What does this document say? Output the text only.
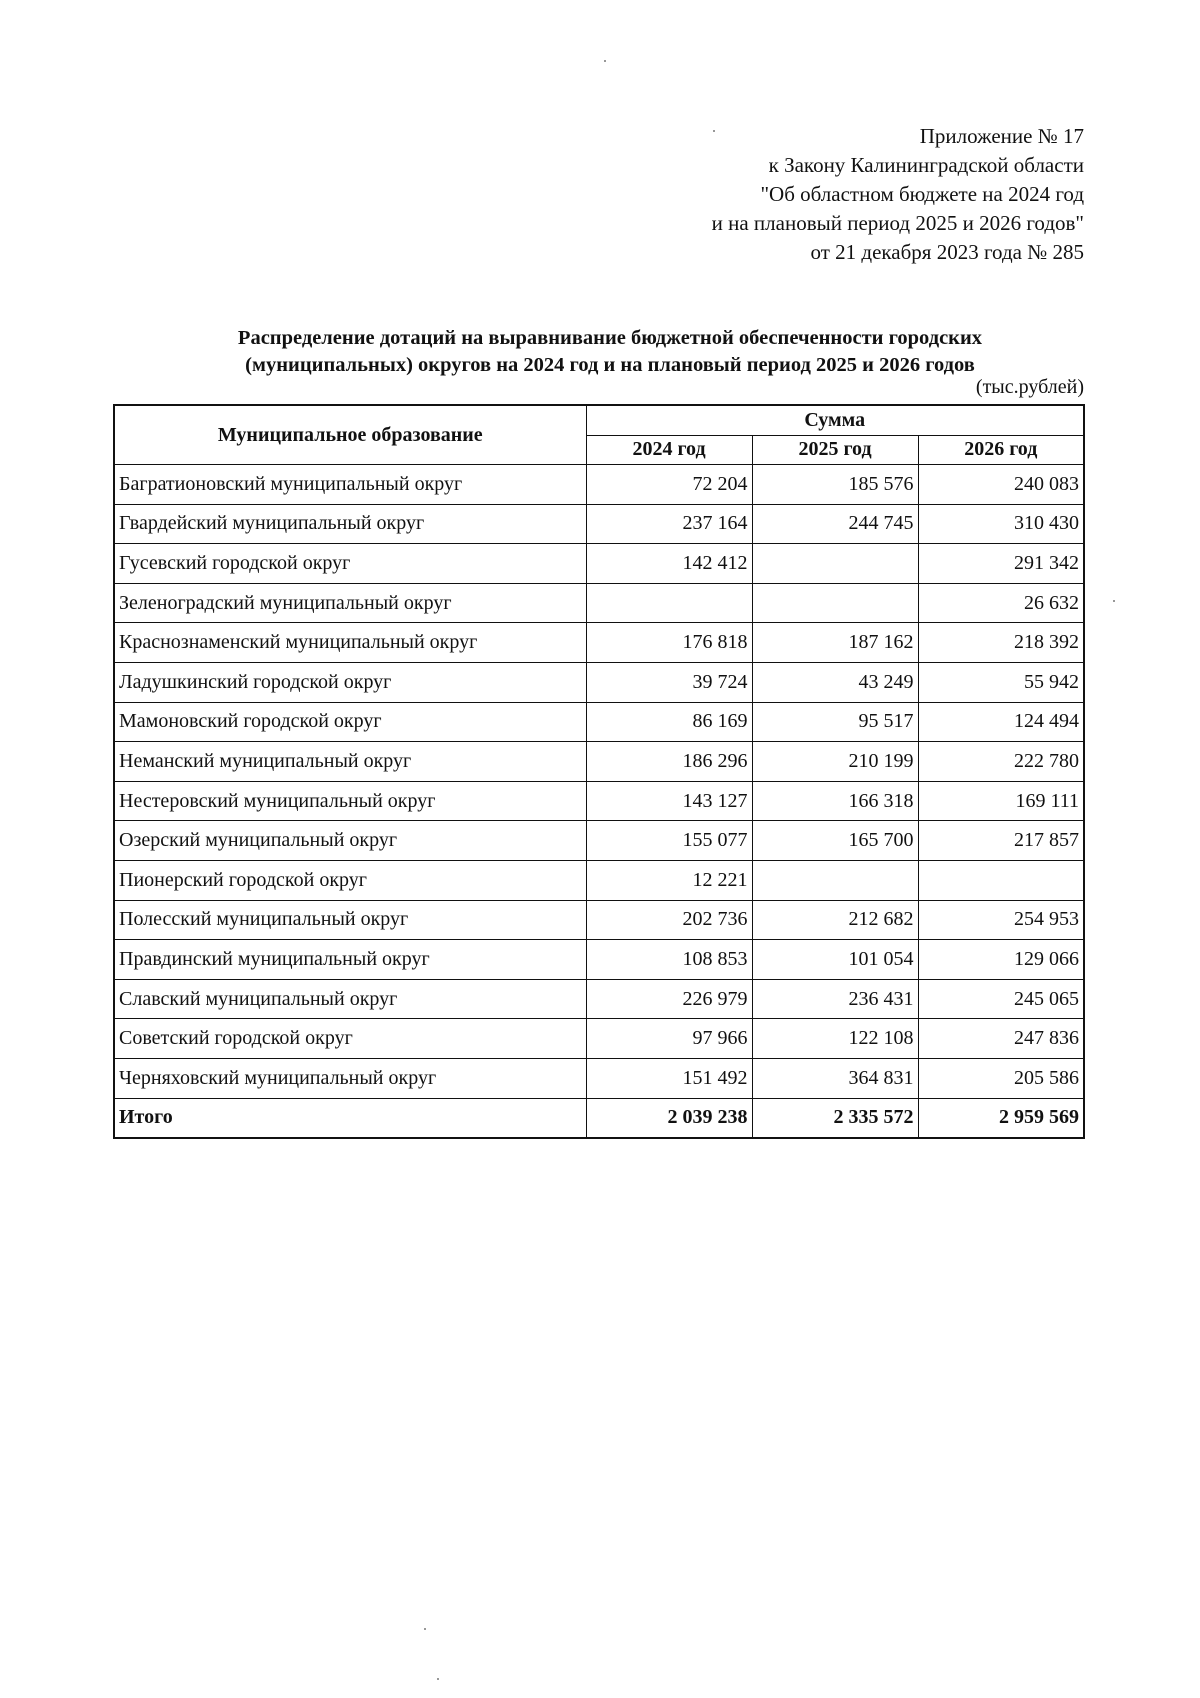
Приложение № 17
к Закону Калининградской области
"Об областном бюджете на 2024 год
и на плановый период 2025 и 2026 годов"
от 21 декабря 2023 года № 285
Распределение дотаций на выравнивание бюджетной обеспеченности городских
(муниципальных) округов на 2024 год и на плановый период 2025 и 2026 годов
(тыс.рублей)
Муниципальное образование	Сумма		
	2024 год	2025 год	2026 год
Багратионовский муниципальный округ	72 204	185 576	240 083
Гвардейский муниципальный округ	237 164	244 745	310 430
Гусевский городской округ	142 412		291 342
Зеленоградский муниципальный округ			26 632
Краснознаменский муниципальный округ	176 818	187 162	218 392
Ладушкинский городской округ	39 724	43 249	55 942
Мамоновский городской округ	86 169	95 517	124 494
Неманский муниципальный округ	186 296	210 199	222 780
Нестеровский муниципальный округ	143 127	166 318	169 111
Озерский муниципальный округ	155 077	165 700	217 857
Пионерский городской округ	12 221		
Полесский муниципальный округ	202 736	212 682	254 953
Правдинский муниципальный округ	108 853	101 054	129 066
Славский муниципальный округ	226 979	236 431	245 065
Советский городской округ	97 966	122 108	247 836
Черняховский муниципальный округ	151 492	364 831	205 586
Итого	2 039 238	2 335 572	2 959 569
